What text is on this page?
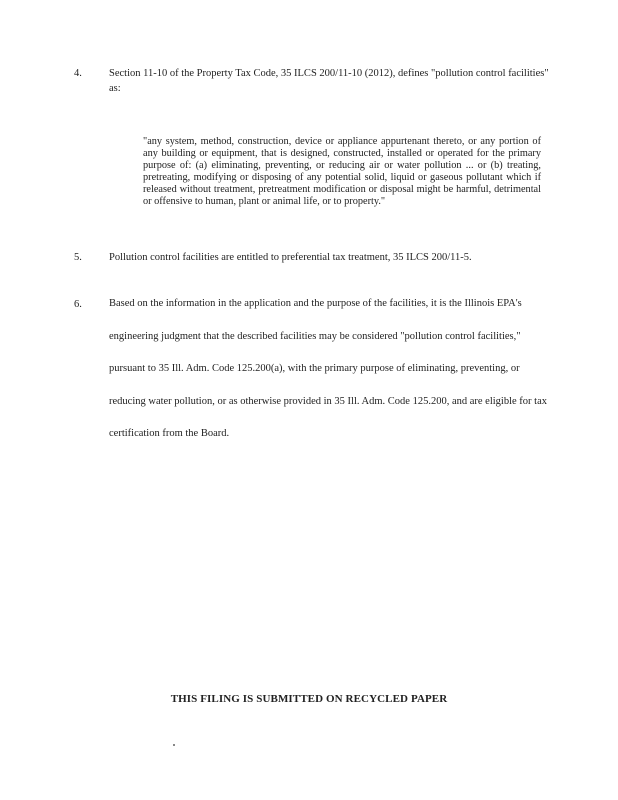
4.	Section 11-10 of the Property Tax Code, 35 ILCS 200/11-10 (2012), defines "pollution control facilities" as:
"any system, method, construction, device or appliance appurtenant thereto, or any portion of any building or equipment, that is designed, constructed, installed or operated for the primary purpose of: (a) eliminating, preventing, or reducing air or water pollution ... or (b) treating, pretreating, modifying or disposing of any potential solid, liquid or gaseous pollutant which if released without treatment, pretreatment modification or disposal might be harmful, detrimental or offensive to human, plant or animal life, or to property."
5.	Pollution control facilities are entitled to preferential tax treatment, 35 ILCS 200/11-5.
6.	Based on the information in the application and the purpose of the facilities, it is the Illinois EPA's engineering judgment that the described facilities may be considered "pollution control facilities," pursuant to 35 Ill. Adm. Code 125.200(a), with the primary purpose of eliminating, preventing, or reducing water pollution, or as otherwise provided in 35 Ill. Adm. Code 125.200, and are eligible for tax certification from the Board.
THIS FILING IS SUBMITTED ON RECYCLED PAPER
